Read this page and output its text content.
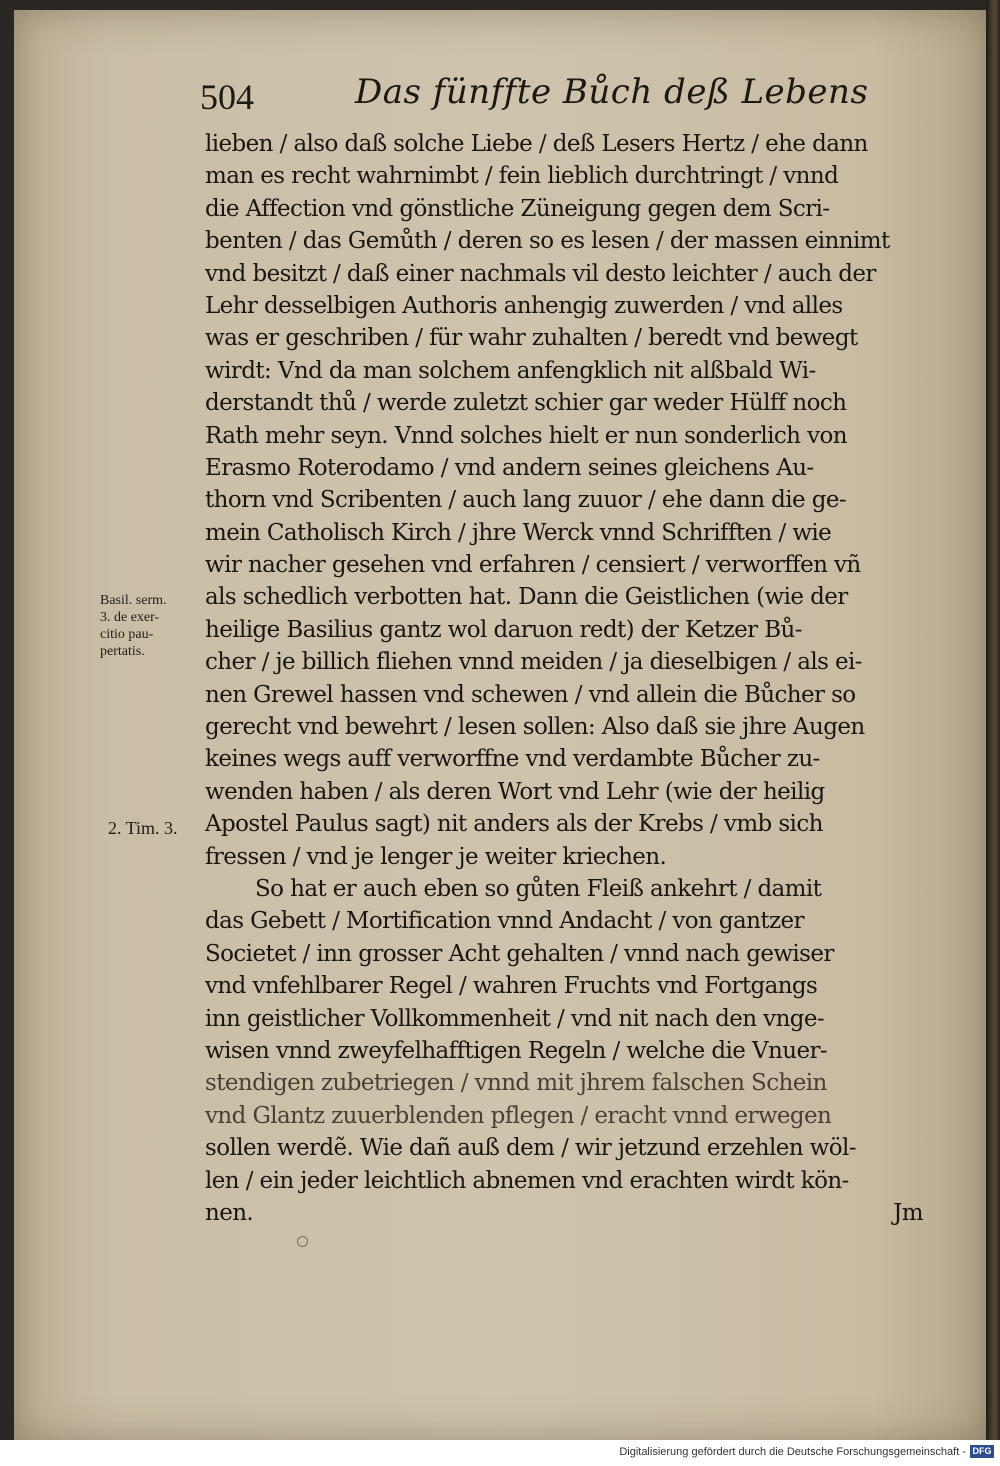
504	Das fünffte Bůch deß Lebens
Basil. serm.
3. de exer-
citio pau-
pertatis.
2. Tim. 3.
lieben / also daß solche Liebe / deß Lesers Hertz / ehe dann
man es recht wahrnimbt / fein lieblich durchtringt / vnnd
die Affection vnd gönstliche Züneigung gegen dem Scri-
benten / das Gemůth / deren so es lesen / der massen einnimt
vnd besitzt / daß einer nachmals vil desto leichter / auch der
Lehr desselbigen Authoris anhengig zuwerden / vnd alles
was er geschriben / für wahr zuhalten / beredt vnd bewegt
wirdt: Vnd da man solchem anfengklich nit alßbald Wi-
derstandt thů / werde zuletzt schier gar weder Hülff noch
Rath mehr seyn. Vnnd solches hielt er nun sonderlich von
Erasmo Roterodamo / vnd andern seines gleichens Au-
thorn vnd Scribenten / auch lang zuuor / ehe dann die ge-
mein Catholisch Kirch / jhre Werck vnnd Schrifften / wie
wir nacher gesehen vnd erfahren / censiert / verworffen vñ
als schedlich verbotten hat. Dann die Geistlichen (wie der
heilige Basilius gantz wol daruon redt) der Ketzer Bů-
cher / je billich fliehen vnnd meiden / ja dieselbigen / als ei-
nen Grewel hassen vnd schewen / vnd allein die Bůcher so
gerecht vnd bewehrt / lesen sollen: Also daß sie jhre Augen
keines wegs auff verworffne vnd verdambte Bůcher zu-
wenden haben / als deren Wort vnd Lehr (wie der heilig
Apostel Paulus sagt) nit anders als der Krebs / vmb sich
fressen / vnd je lenger je weiter kriechen.
So hat er auch eben so gůten Fleiß ankehrt / damit
das Gebett / Mortification vnnd Andacht / von gantzer
Societet / inn grosser Acht gehalten / vnnd nach gewiser
vnd vnfehlbarer Regel / wahren Fruchts vnd Fortgangs
inn geistlicher Vollkommenheit / vnd nit nach den vnge-
wisen vnnd zweyfelhafftigen Regeln / welche die Vnuer-
stendigen zubetriegen / vnnd mit jhrem falschen Schein
vnd Glantz zuuerblenden pflegen / eracht vnnd erwegen
sollen werdẽ. Wie dañ auß dem / wir jetzund erzehlen wöl-
len / ein jeder leichtlich abnemen vnd erachten wirdt kön-
nen.	Jm
Digitalisierung gefördert durch die Deutsche Forschungsgemeinschaft - DFG
